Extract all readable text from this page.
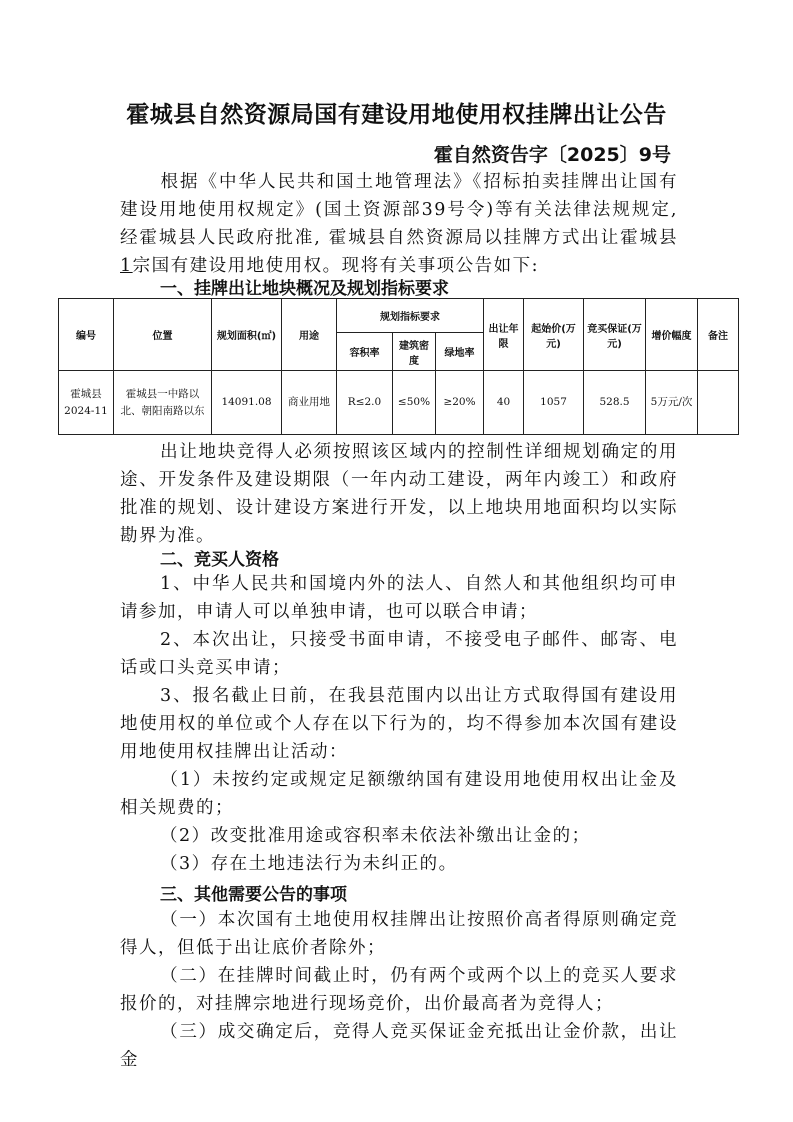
霍城县自然资源局国有建设用地使用权挂牌出让公告
霍自然资告字〔2025〕9号
根据《中华人民共和国土地管理法》《招标拍卖挂牌出让国有建设用地使用权规定》(国土资源部39号令)等有关法律法规规定, 经霍城县人民政府批准, 霍城县自然资源局以挂牌方式出让霍城县1宗国有建设用地使用权。现将有关事项公告如下:
一、挂牌出让地块概况及规划指标要求
编号	位置	规划面积(㎡)	用途	规划指标要求			出让年限	起始价(万元)	竞买保证(万元)	增价幅度	备注
				容积率	建筑密度	绿地率					
霍城县2024-11	霍城县一中路以北、朝阳南路以东	14091.08	商业用地	R≤2.0	≤50%	≥20%	40	1057	528.5	5万元/次	
出让地块竞得人必须按照该区域内的控制性详细规划确定的用途、开发条件及建设期限（一年内动工建设，两年内竣工）和政府批准的规划、设计建设方案进行开发，以上地块用地面积均以实际勘界为准。
二、竞买人资格
1、中华人民共和国境内外的法人、自然人和其他组织均可申请参加，申请人可以单独申请，也可以联合申请；
2、本次出让，只接受书面申请，不接受电子邮件、邮寄、电话或口头竞买申请；
3、报名截止日前，在我县范围内以出让方式取得国有建设用地使用权的单位或个人存在以下行为的，均不得参加本次国有建设用地使用权挂牌出让活动：
（1）未按约定或规定足额缴纳国有建设用地使用权出让金及相关规费的；
（2）改变批准用途或容积率未依法补缴出让金的；
（3）存在土地违法行为未纠正的。
三、其他需要公告的事项
（一）本次国有土地使用权挂牌出让按照价高者得原则确定竞得人，但低于出让底价者除外；
（二）在挂牌时间截止时，仍有两个或两个以上的竞买人要求报价的，对挂牌宗地进行现场竞价，出价最高者为竞得人；
（三）成交确定后，竞得人竞买保证金充抵出让金价款，出让金
